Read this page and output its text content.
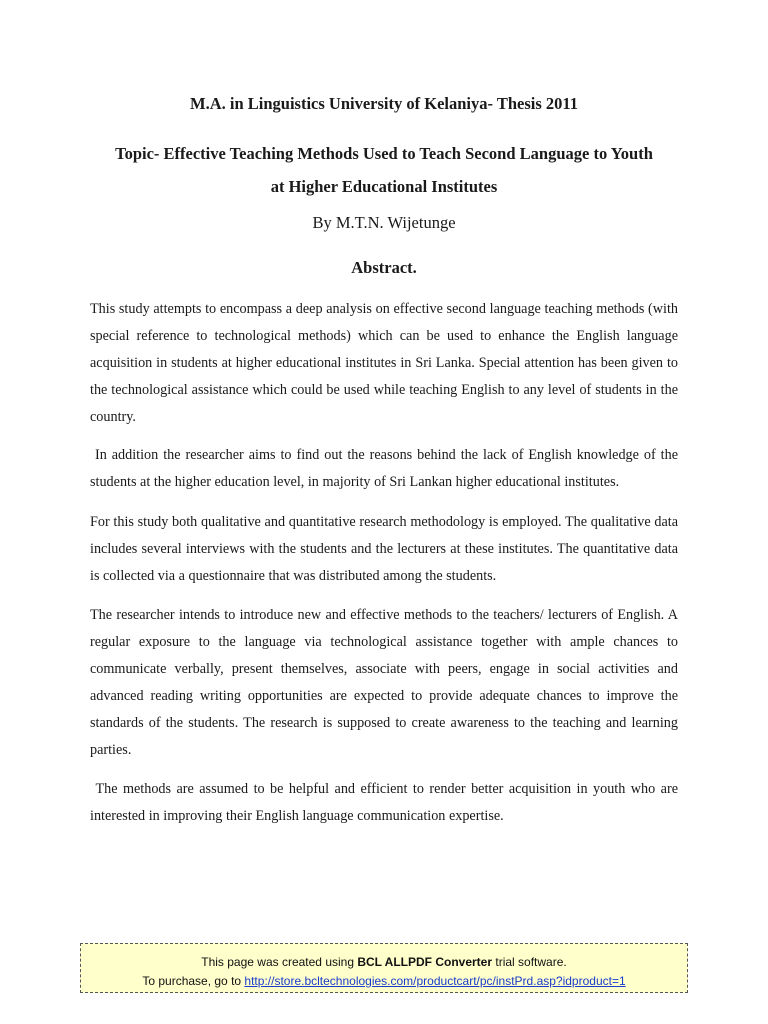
M.A. in Linguistics University of Kelaniya- Thesis 2011
Topic- Effective Teaching Methods Used to Teach Second Language to Youth
at Higher Educational Institutes
By M.T.N. Wijetunge
Abstract.

This study attempts to encompass a deep analysis on effective second language teaching methods (with special reference to technological methods) which can be used to enhance the English language acquisition in students at higher educational institutes in Sri Lanka. Special attention has been given to the technological assistance which could be used while teaching English to any level of students in the country.

In addition the researcher aims to find out the reasons behind the lack of English knowledge of the students at the higher education level, in majority of Sri Lankan higher educational institutes.

For this study both qualitative and quantitative research methodology is employed. The qualitative data includes several interviews with the students and the lecturers at these institutes. The quantitative data is collected via a questionnaire that was distributed among the students.

The researcher intends to introduce new and effective methods to the teachers/ lecturers of English. A regular exposure to the language via technological assistance together with ample chances to communicate verbally, present themselves, associate with peers, engage in social activities and advanced reading writing opportunities are expected to provide adequate chances to improve the standards of the students. The research is supposed to create awareness to the teaching and learning parties.

The methods are assumed to be helpful and efficient to render better acquisition in youth who are interested in improving their English language communication expertise.

This page was created using BCL ALLPDF Converter trial software.
To purchase, go to http://store.bcltechnologies.com/productcart/pc/instPrd.asp?idproduct=1
